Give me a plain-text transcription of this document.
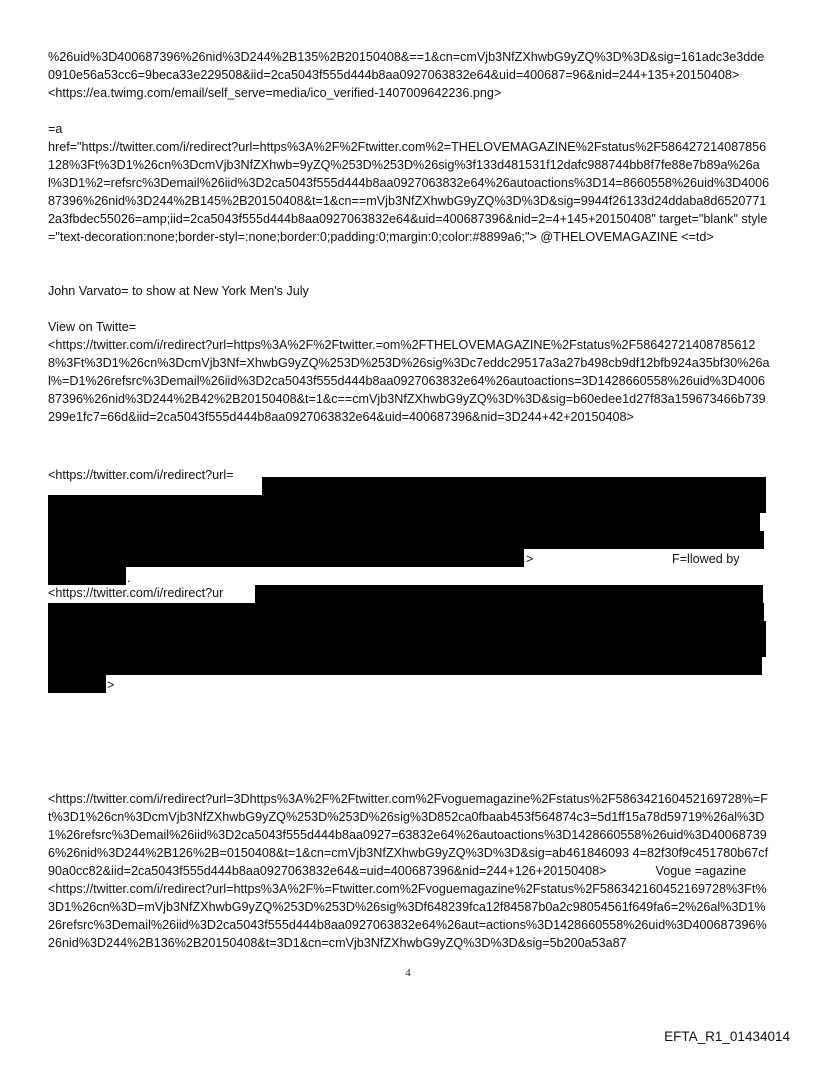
%26uid%3D400687396%26nid%3D244%2B135%2B20150408&==1&cn=cmVjb3NfZXhwbG9yZQ%3D%3D&sig=161adc3e3dde0910e56a53cc6=9beca33e229508&iid=2ca5043f555d444b8aa0927063832e64&uid=400687=96&nid=244+135+20150408>             <https://ea.twimg.com/email/self_serve=media/ico_verified-1407009642236.png>

=a
href="https://twitter.com/i/redirect?url=https%3A%2F%2Ftwitter.com%2=THELOVEMAGAZINE%2Fstatus%2F586427214087856128%3Ft%3D1%26cn%3DcmVjb3NfZXhwb=9yZQ%253D%253D%26sig%3f133d481531f12dafc988744bb8f7fe88e7b89a%26al%3D1%2=refsrc%3Demail%26iid%3D2ca5043f555d444b8aa0927063832e64%26autoactions%3D14=8660558%26uid%3D400687396%26nid%3D244%2B145%2B20150408&t=1&cn==mVjb3NfZXhwbG9yZQ%3D%3D&sig=9944f26133d24ddaba8d65207712a3fbdec55026=amp;iid=2ca5043f555d444b8aa0927063832e64&uid=400687396&nid=2=4+145+20150408" target="blank" style="text-decoration:none;border-styl=:none;border:0;padding:0;margin:0;color:#8899a6;"> @THELOVEMAGAZINE <=td>

John Varvato= to show at New York Men's July

View on Twitte=
<https://twitter.com/i/redirect?url=https%3A%2F%2Ftwitter.=om%2FTHELOVEMAGAZINE%2Fstatus%2F586427214087856128%3Ft%3D1%26cn%3DcmVjb3Nf=XhwbG9yZQ%253D%253D%26sig%3Dc7eddc29517a3a27b498cb9df12bfb924a35bf30%26al%=D1%26refsrc%3Demail%26iid%3D2ca5043f555d444b8aa0927063832e64%26autoactions=3D1428660558%26uid%3D400687396%26nid%3D244%2B42%2B20150408&t=1&c==cmVjb3NfZXhwbG9yZQ%3D%3D&sig=b60edee1d27f83a159673466b739299e1fc7=66d&iid=2ca5043f555d444b8aa0927063832e64&uid=400687396&nid=3D244+42+20150408>

<https://twitter.com/i/redirect?url=
>	F=llowed by
.
<https://twitter.com/i/redirect?ur
>

<https://twitter.com/i/redirect?url=3Dhttps%3A%2F%2Ftwitter.com%2Fvoguemagazine%2Fstatus%2F586342160452169728%=Ft%3D1%26cn%3DcmVjb3NfZXhwbG9yZQ%253D%253D%26sig%3D852ca0fbaab453f564874c3=5d1ff15a78d59719%26al%3D1%26refsrc%3Demail%26iid%3D2ca5043f555d444b8aa0927=63832e64%26autoactions%3D1428660558%26uid%3D400687396%26nid%3D244%2B126%2B=0150408&t=1&cn=cmVjb3NfZXhwbG9yZQ%3D%3D&sig=ab461846093 4=82f30f9c451780b67cf90a0cc82&iid=2ca5043f555d444b8aa0927063832e64&=uid=400687396&nid=244+126+20150408>              Vogue =agazine
<https://twitter.com/i/redirect?url=https%3A%2F%=Ftwitter.com%2Fvoguemagazine%2Fstatus%2F586342160452169728%3Ft%3D1%26cn%3D=mVjb3NfZXhwbG9yZQ%253D%253D%26sig%3Df648239fca12f84587b0a2c98054561f649fa6=2%26al%3D1%26refsrc%3Demail%26iid%3D2ca5043f555d444b8aa0927063832e64%26aut=actions%3D1428660558%26uid%3D400687396%26nid%3D244%2B136%2B20150408&t=3D1&cn=cmVjb3NfZXhwbG9yZQ%3D%3D&sig=5b200a53a87

4
EFTA_R1_01434014
